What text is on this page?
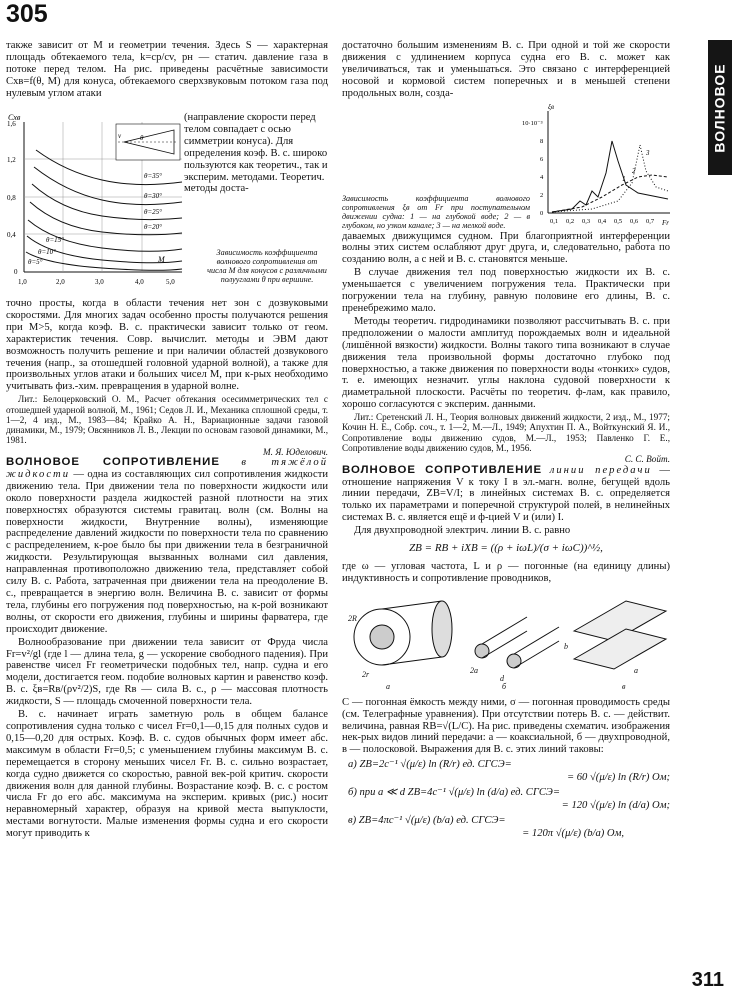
305
ВОЛНОВОЕ

также зависит от M и геометрии течения. Здесь S — характерная площадь обтекаемого тела, k=cp/cv, pн — статич. давление газа в потоке перед телом. На рис. приведены расчётные зависимости Cxв=f(θ, M) для конуса, обтекаемого сверхзвуковым потоком газа под нулевым углом атаки

Cxв
1,6
1,2
0,8
0,4
0
1,0	2,0	3,0	4,0	5,0
M
θ=35°
θ=30°
θ=25°
θ=20°
θ=15°
θ=10°
θ=5°
v	θ
(направление скорости перед телом совпадает с осью симметрии конуса). Для определения коэф. В. с. широко пользуются как теоретич., так и эксперим. методами. Теоретич. методы доста-
Зависимость коэффициента волнового сопротивления от числа M для конусов с различными полууглами θ при вершине.

точно просты, когда в области течения нет зон с дозвуковыми скоростями. Для многих задач особенно просты получаются решения при M>5, когда коэф. В. с. практически зависит только от геом. характеристик течения. Совр. вычислит. методы и ЭВМ дают возможность получить решение и при наличии областей дозвукового течения (напр., за отошедшей головной ударной волной), а также для произвольных углов атаки и больших чисел M, при к-рых необходимо учитывать физ.-хим. превращения в ударной волне.

Лит.: Белоцерковский О. М., Расчет обтекания осесимметрических тел с отошедшей ударной волной, М., 1961; Седов Л. И., Механика сплошной среды, т. 1—2, 4 изд., М., 1983—84; Крайко А. Н., Вариационные задачи газовой динамики, М., 1979; Овсянников Л. В., Лекции по основам газовой динамики, М., 1981.

М. Я. Юделович.

ВОЛНОВОЕ СОПРОТИВЛЕНИЕ в тяжёлой жидкости — одна из составляющих сил сопротивления жидкости движению тела. При движении тела по поверхности жидкости или около поверхности раздела жидкостей разной плотности на этих поверхностях образуются системы гравитац. волн (см. Волны на поверхности жидкости, Внутренние волны), изменяющие распределение давлений жидкости по поверхности тела по сравнению с распределением, к-рое было бы при движении тела в безграничной жидкости. Результирующая вызванных волнами сил давления, направленная противоположно движению тела, представляет собой силу В. с. Работа, затраченная при движении тела на преодоление В. с., превращается в энергию волн. Величина В. с. зависит от формы тела, глубины его погружения под поверхностью, на к-рой возникают волны, от скорости его движения, глубины и ширины фарватера, где происходит движение.

Волнообразование при движении тела зависит от Фруда числа Fr=v²/gl (где l — длина тела, g — ускорение свободного падения). При равенстве чисел Fr геометрически подобных тел, напр. судна и его модели, достигается геом. подобие волновых картин и равенство коэф. В. с. ξв=Rв/(ρv²/2)S, где Rв — сила В. с., ρ — массовая плотность жидкости, S — площадь смоченной поверхности тела.

В. с. начинает играть заметную роль в общем балансе сопротивления судна только с чисел Fr=0,1—0,15 для полных судов и 0,15—0,20 для острых. Коэф. В. с. судов обычных форм имеет абс. максимум в области Fr=0,5; с уменьшением глубины максимум В. с. перемещается в сторону меньших чисел Fr. В. с. сильно возрастает, когда судно движется со скоростью, равной век-рой критич. скорости движения волн для данной глубины. Возрастание коэф. В. с. с ростом числа Fr до его абс. максимума на эксперим. кривых (рис.) носит неравномерный характер, образуя на кривой места выпуклости, местами вогнутости. Малые изменения формы судна и его скорости могут приводить к

достаточно большим изменениям В. с. При одной и той же скорости движения с удлинением корпуса судна его В. с. может как увеличиваться, так и уменьшаться. Это связано с интерференцией носовой и кормовой систем поперечных и в меньшей степени продольных волн, созда-

ξв
10·10⁻³
8
6
4
2
0
0,1 0,2 0,3 0,4 0,5 0,6 0,7 Fr
1
2
3
Зависимость коэффициента волнового сопротивления ξв от Fr при поступательном движении судна: 1 — на глубокой воде; 2 — в глубоком, но узком канале; 3 — на мелкой воде.

даваемых движущимся судном. При благоприятной интерференции волны этих систем ослабляют друг друга, и, следовательно, работа по созданию волн, а с ней и В. с. становятся меньше.

В случае движения тел под поверхностью жидкости их В. с. уменьшается с увеличением погружения тела. Практически при погружении тела на глубину, равную половине его длины, В. с. пренебрежимо мало.

Методы теоретич. гидродинамики позволяют рассчитывать В. с. при предположении о малости амплитуд порождаемых волн и идеальной (лишённой вязкости) жидкости. Волны такого типа возникают в случае движения тела произвольной формы достаточно глубоко под поверхностью, а также движения по поверхности воды «тонких» судов, т. е. имеющих незначит. углы наклона судовой поверхности к диаметральной плоскости. Расчёты по теоретич. ф-лам, как правило, хорошо согласуются с эксперим. данными.

Лит.: Сретенский Л. Н., Теория волновых движений жидкости, 2 изд., М., 1977; Кочин Н. Е., Собр. соч., т. 1—2, М.—Л., 1949; Апухтин П. А., Войткунский Я. И., Сопротивление воды движению судов, М.—Л., 1953; Павленко Г. Е., Сопротивление воды движению судов, М., 1956.

С. С. Войт.

ВОЛНОВОЕ СОПРОТИВЛЕНИЕ линии передачи — отношение напряжения V к току I в эл.-магн. волне, бегущей вдоль линии передачи, ZВ=V/I; в линейных системах В. с. определяется только их параметрами и поперечной структурой полей, в нелинейных системах В. с. является ещё и ф-цией V и (или) I.

Для двухпроводной электрич. линии В. с. равно

ZВ = RВ + iXВ = ((ρ + iωL)/(σ + iωC))^½,

где ω — угловая частота, L и ρ — погонные (на единицу длины) индуктивность и сопротивление проводников,

2R
2r
а
2a
d
б
b
a
в

C — погонная ёмкость между ними, σ — погонная проводимость среды (см. Телеграфные уравнения). При отсутствии потерь В. с. — действит. величина, равная RВ=√(L/C). На рис. приведены схематич. изображения нек-рых видов линий передачи: а — коаксиальной, б — двухпроводной, в — полосковой. Выражения для В. с. этих линий таковы:

а) ZВ=2c⁻¹ √(μ/ε) ln (R/r) ед. СГСЭ=
= 60 √(μ/ε) ln (R/r) Ом;
б) при a ≪ d ZВ=4c⁻¹ √(μ/ε) ln (d/a) ед. СГСЭ=
= 120 √(μ/ε) ln (d/a) Ом;
в) ZВ=4πc⁻¹ √(μ/ε) (b/a) ед. СГСЭ=
= 120π √(μ/ε) (b/a) Ом,
311
